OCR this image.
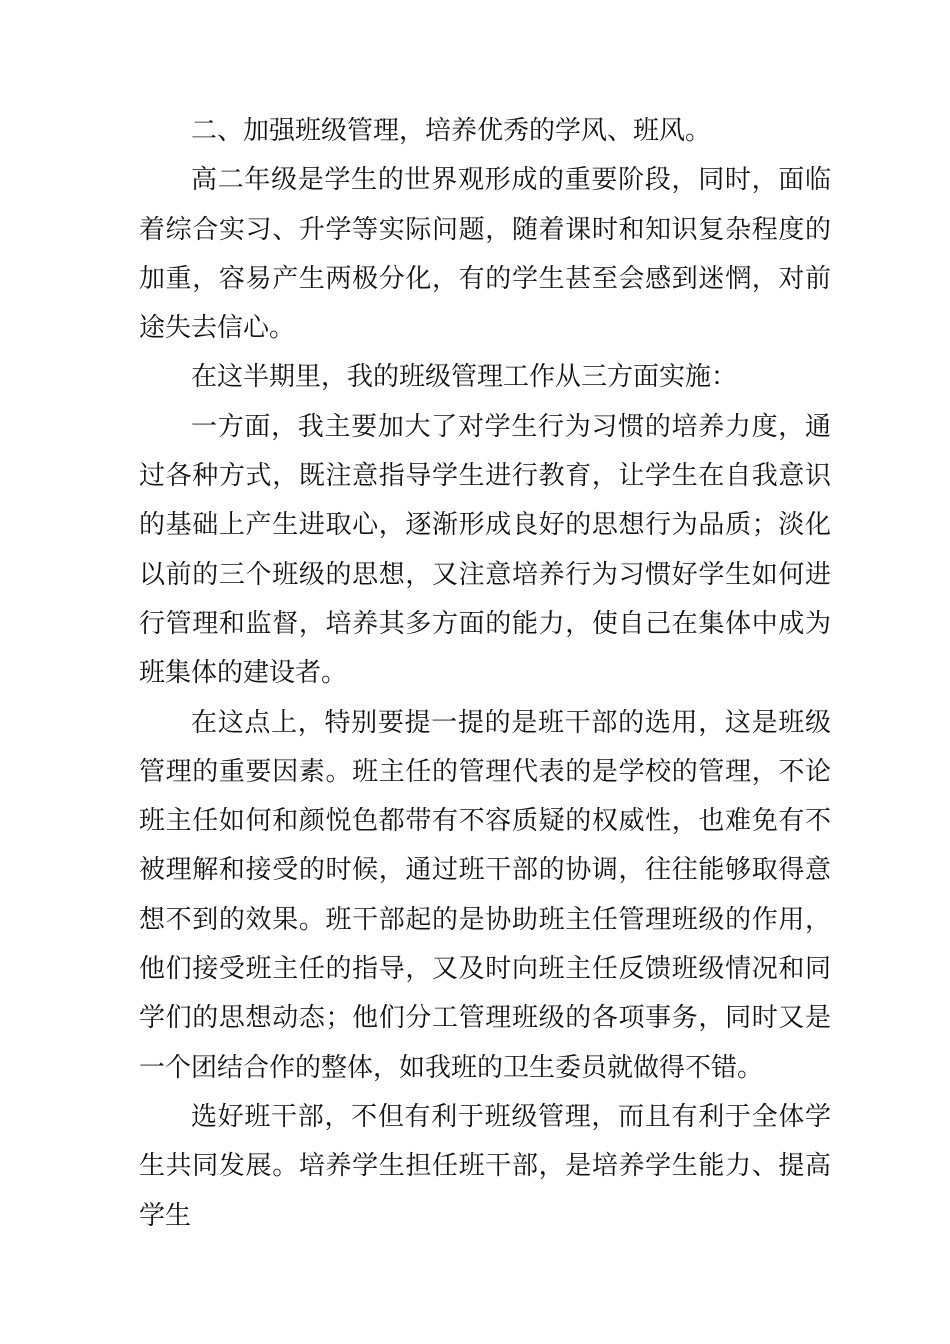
二、加强班级管理，培养优秀的学风、班风。

高二年级是学生的世界观形成的重要阶段，同时，面临着综合实习、升学等实际问题，随着课时和知识复杂程度的加重，容易产生两极分化，有的学生甚至会感到迷惘，对前途失去信心。

在这半期里，我的班级管理工作从三方面实施：

一方面，我主要加大了对学生行为习惯的培养力度，通过各种方式，既注意指导学生进行教育，让学生在自我意识的基础上产生进取心，逐渐形成良好的思想行为品质；淡化以前的三个班级的思想，又注意培养行为习惯好学生如何进行管理和监督，培养其多方面的能力，使自己在集体中成为班集体的建设者。

在这点上，特别要提一提的是班干部的选用，这是班级管理的重要因素。班主任的管理代表的是学校的管理，不论班主任如何和颜悦色都带有不容质疑的权威性，也难免有不被理解和接受的时候，通过班干部的协调，往往能够取得意想不到的效果。班干部起的是协助班主任管理班级的作用，他们接受班主任的指导，又及时向班主任反馈班级情况和同学们的思想动态；他们分工管理班级的各项事务，同时又是一个团结合作的整体，如我班的卫生委员就做得不错。

选好班干部，不但有利于班级管理，而且有利于全体学生共同发展。培养学生担任班干部，是培养学生能力、提高学生
